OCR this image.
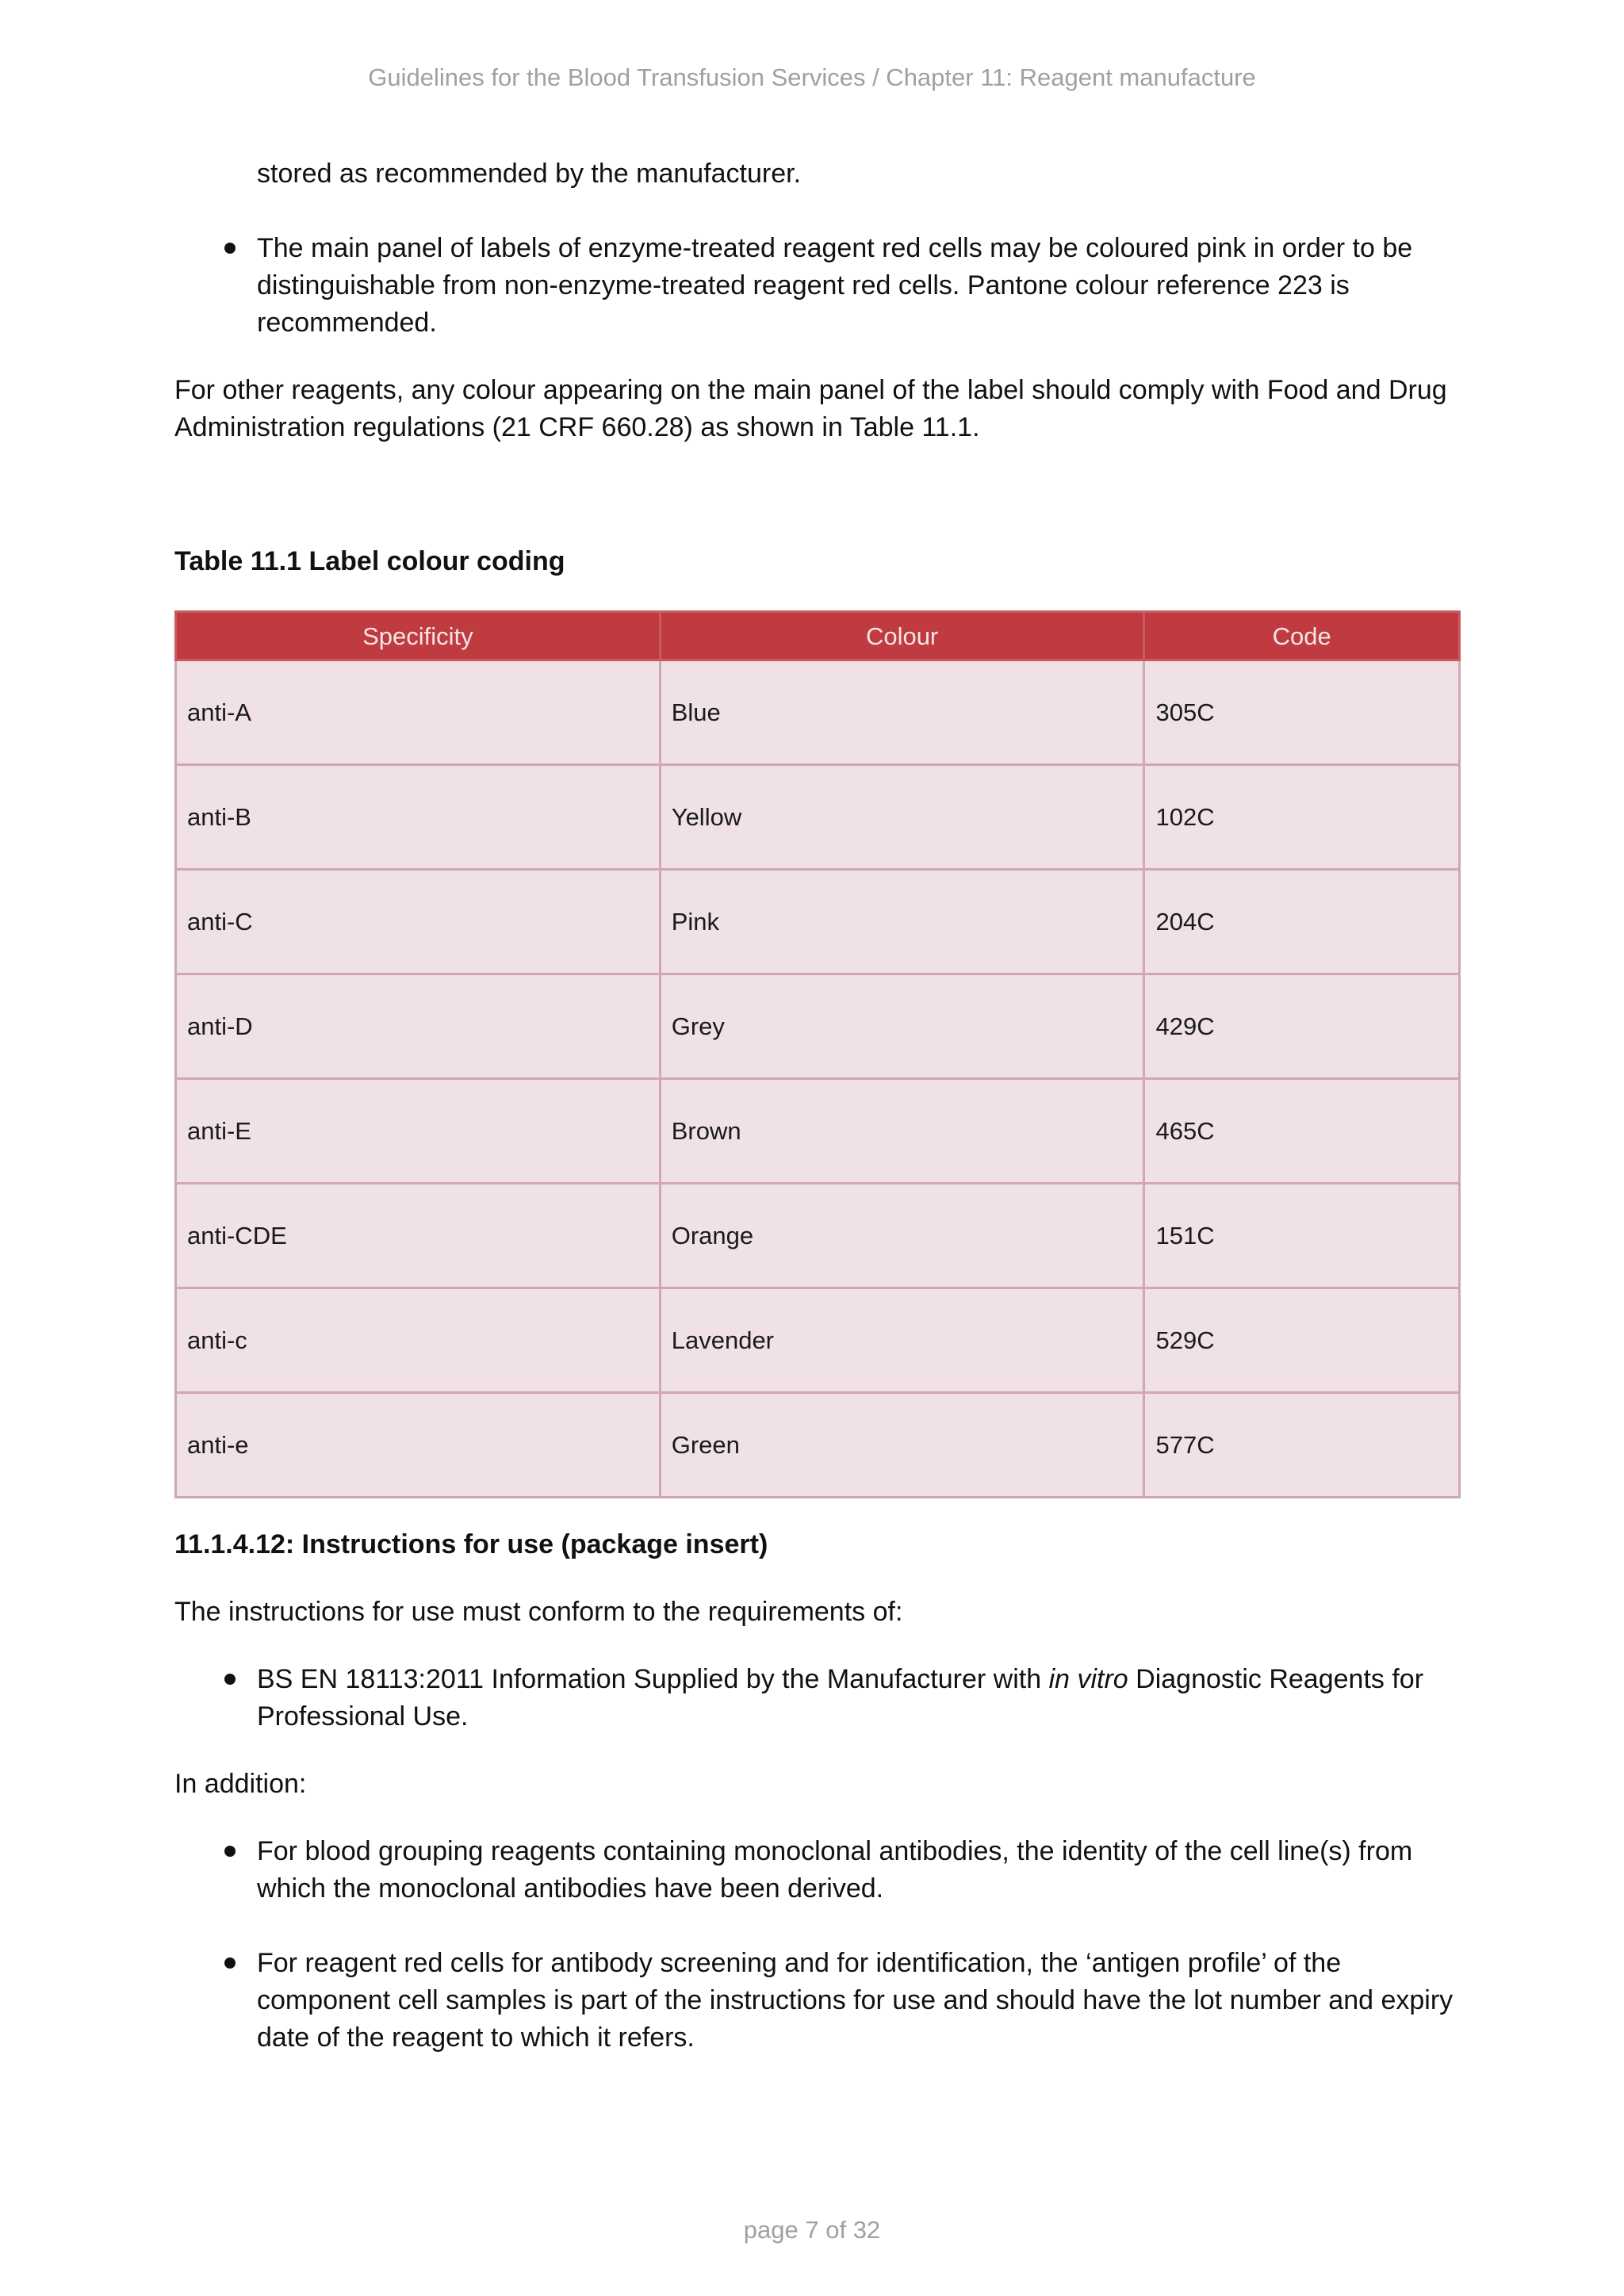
Guidelines for the Blood Transfusion Services / Chapter 11: Reagent manufacture

stored as recommended by the manufacturer.

The main panel of labels of enzyme-treated reagent red cells may be coloured pink in order to be distinguishable from non-enzyme-treated reagent red cells. Pantone colour reference 223 is recommended.

For other reagents, any colour appearing on the main panel of the label should comply with Food and Drug Administration regulations (21 CRF 660.28) as shown in Table 11.1.

Table 11.1 Label colour coding

Specificity	Colour	Code
anti-A	Blue	305C
anti-B	Yellow	102C
anti-C	Pink	204C
anti-D	Grey	429C
anti-E	Brown	465C
anti-CDE	Orange	151C
anti-c	Lavender	529C
anti-e	Green	577C

11.1.4.12: Instructions for use (package insert)

The instructions for use must conform to the requirements of:

BS EN 18113:2011 Information Supplied by the Manufacturer with in vitro Diagnostic Reagents for Professional Use.

In addition:

For blood grouping reagents containing monoclonal antibodies, the identity of the cell line(s) from which the monoclonal antibodies have been derived.
For reagent red cells for antibody screening and for identification, the ‘antigen profile’ of the component cell samples is part of the instructions for use and should have the lot number and expiry date of the reagent to which it refers.
page 7 of 32
